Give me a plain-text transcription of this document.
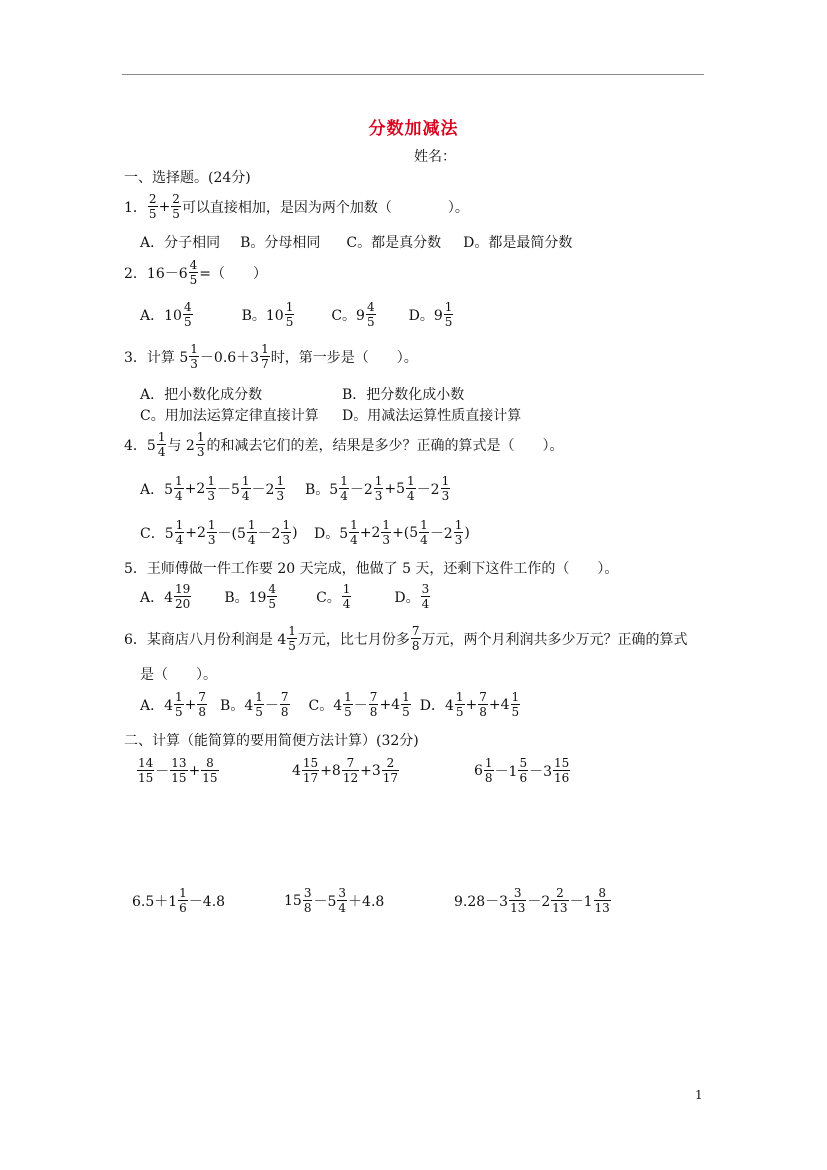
分数加减法
姓名：
一、选择题。(24分)
1． $\frac{2}{5} + \frac{2}{5}$ 可以直接相加，是因为两个加数（　　　　）。
A．分子相同 B。分母相同 C。都是真分数 D。都是最简分数
2． $16-6 \frac{4}{5}$ =（　　）
A．$10 \frac{4}{5}$	B。$10 \frac{1}{5}$	C。$9 \frac{4}{5}$ D。$9 \frac{1}{5}$
3．计算 $5 \frac{1}{3} -0.6+3 \frac{1}{7}$ 时，第一步是（　　）。
A．把小数化成分数	B．把分数化成小数
C。用加法运算定律直接计算 D。用减法运算性质直接计算
4．$5 \frac{1}{4}$ 与 $2 \frac{1}{3}$ 的和减去它们的差，结果是多少？正确的算式是（　　）。
A．$5 \frac{1}{4} +2 \frac{1}{3} -5 \frac{1}{4} -2 \frac{1}{3}$ B。$5 \frac{1}{4} -2 \frac{1}{3} +5 \frac{1}{4} -2 \frac{1}{3}$
C．$5 \frac{1}{4} +2 \frac{1}{3} -(5 \frac{1}{4} -2 \frac{1}{3}$ ) D。$5 \frac{1}{4} +2 \frac{1}{3} +(5 \frac{1}{4} -2 \frac{1}{3}$ )
5．王师傅做一件工作要 20 天完成，他做了 5 天，还剩下这件工作的（　　）。
A．$4 \frac{19}{20}$ B。$19 \frac{4}{5}$	C。 $\frac{1}{4}$	D。 $\frac{3}{4}$
6．某商店八月份利润是 $4 \frac{1}{5}$ 万元，比七月份多 $\frac{7}{8}$ 万元，两个月利润共多少万元？正确的算式
是（　　）。
A．$4 \frac{1}{5} + \frac{7}{8}$ B。$4 \frac{1}{5} - \frac{7}{8}$ C。$4 \frac{1}{5} - \frac{7}{8} +4 \frac{1}{5}$ D．$4 \frac{1}{5} + \frac{7}{8} +4 \frac{1}{5}$
二、计算（能简算的要用简便方法计算）(32分)
$\frac{14}{15} - \frac{13}{15} + \frac{8}{15}$	$4 \frac{15}{17} +8 \frac{7}{12} +3 \frac{2}{17}$	$6 \frac{1}{8} -1 \frac{5}{6} -3 \frac{15}{16}$
$6.5+1 \frac{1}{6} -4.8$	$15 \frac{3}{8} -5 \frac{3}{4} +4.8$	$9.28-3 \frac{3}{13} -2 \frac{2}{13} -1 \frac{8}{13}$
1
